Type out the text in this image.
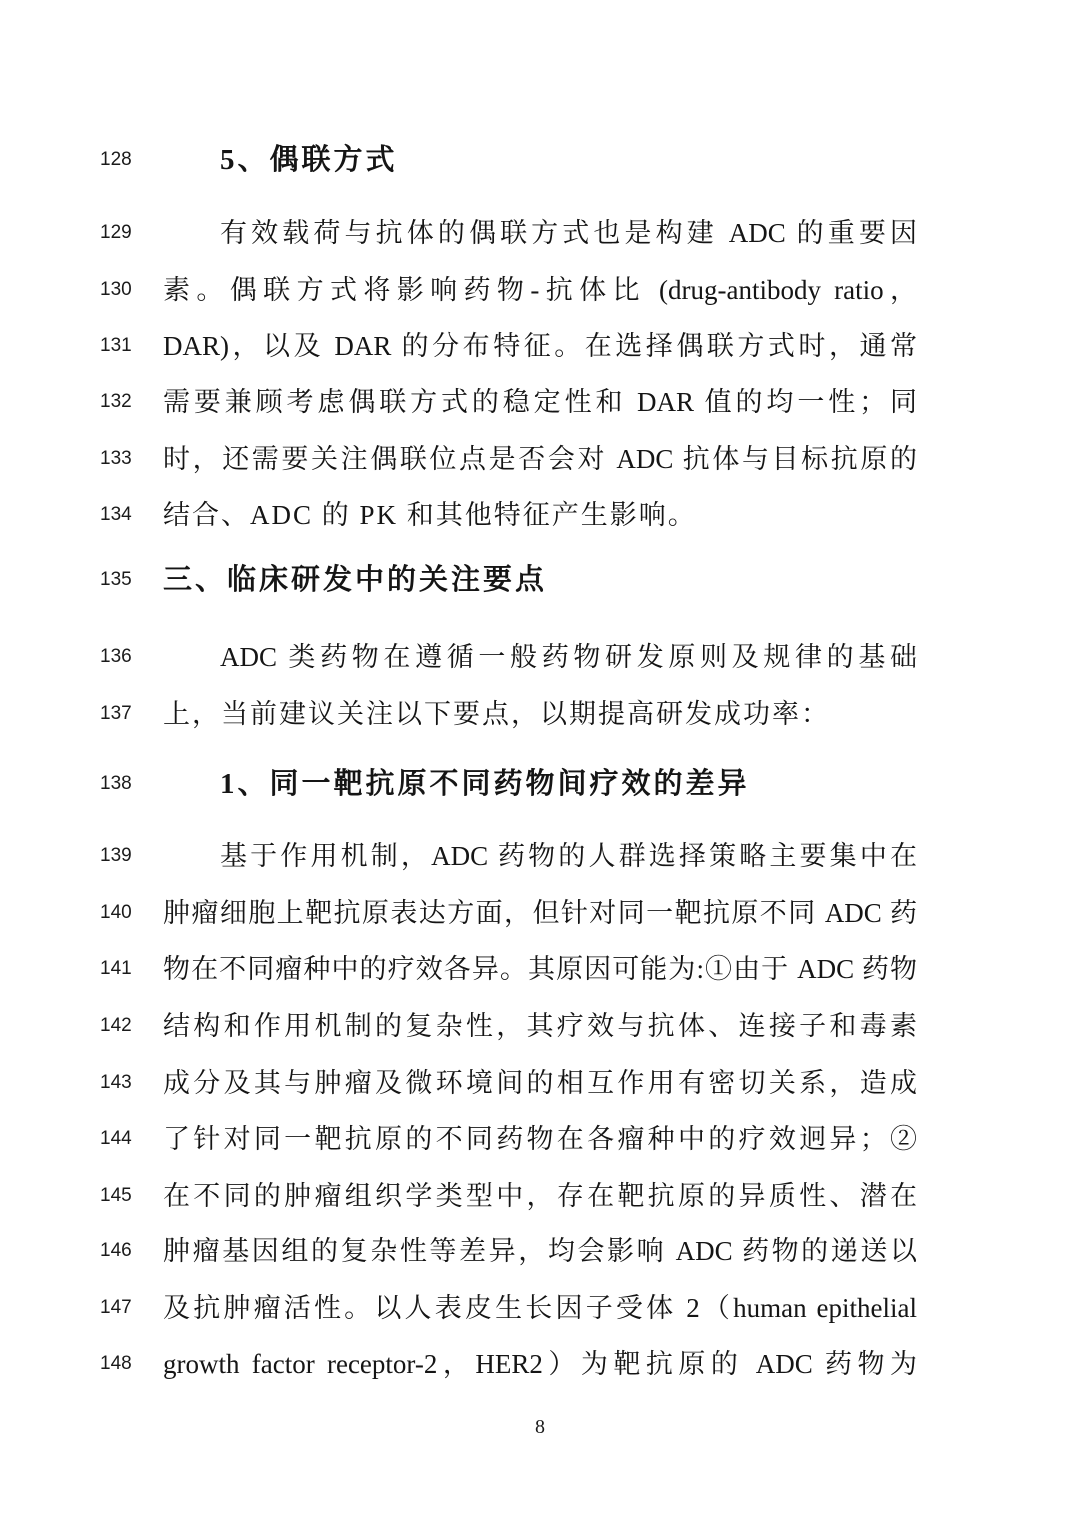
128	5、偶联方式
129	有效载荷与抗体的偶联方式也是构建 ADC 的重要因
130 素。偶联方式将影响药物-抗体比 (drug-antibody ratio，
131 DAR)，以及 DAR 的分布特征。在选择偶联方式时，通常
132 需要兼顾考虑偶联方式的稳定性和 DAR 值的均一性；同
133 时，还需要关注偶联位点是否会对 ADC 抗体与目标抗原的
134 结合、ADC 的 PK 和其他特征产生影响。
135 三、临床研发中的关注要点
136	ADC 类药物在遵循一般药物研发原则及规律的基础
137 上，当前建议关注以下要点，以期提高研发成功率：
138	1、同一靶抗原不同药物间疗效的差异
139	基于作用机制，ADC 药物的人群选择策略主要集中在
140 肿瘤细胞上靶抗原表达方面，但针对同一靶抗原不同 ADC 药
141 物在不同瘤种中的疗效各异。其原因可能为:①由于 ADC 药物
142 结构和作用机制的复杂性，其疗效与抗体、连接子和毒素
143 成分及其与肿瘤及微环境间的相互作用有密切关系，造成
144 了针对同一靶抗原的不同药物在各瘤种中的疗效迥异；②
145 在不同的肿瘤组织学类型中，存在靶抗原的异质性、潜在
146 肿瘤基因组的复杂性等差异，均会影响 ADC 药物的递送以
147 及抗肿瘤活性。以人表皮生长因子受体 2（human epithelial
148 growth factor receptor-2，HER2）为靶抗原的 ADC 药物为
8
